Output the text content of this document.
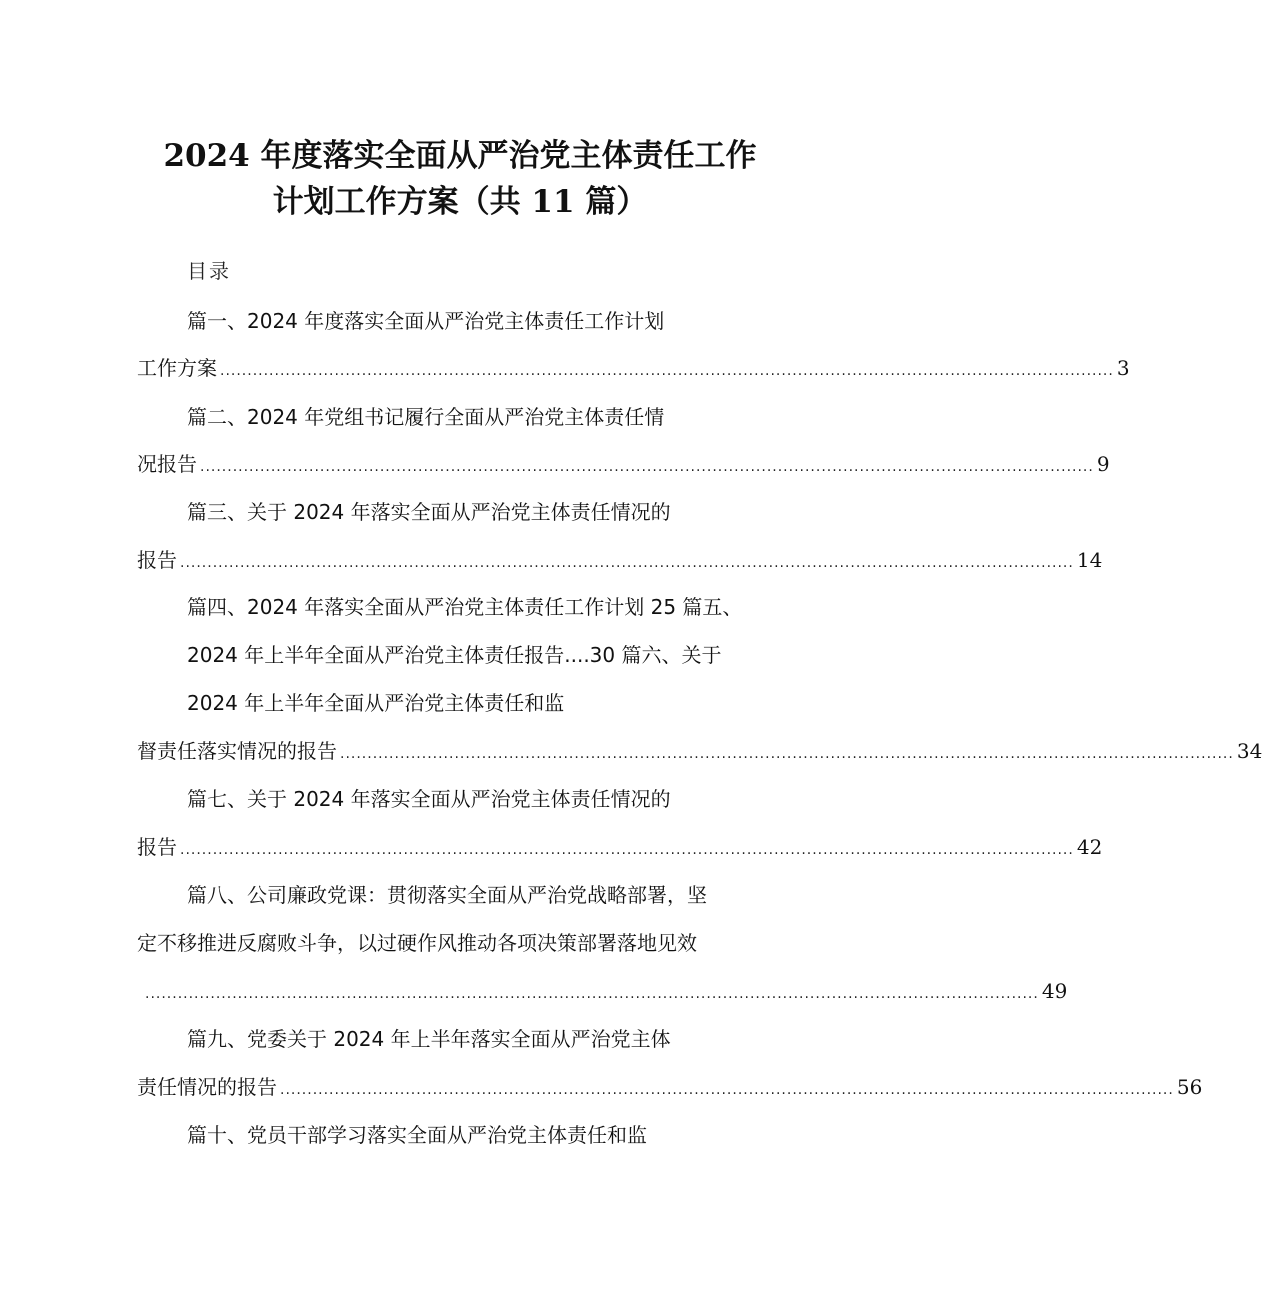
2024 年度落实全面从严治党主体责任工作
计划工作方案（共 11 篇）
目录
篇一、2024 年度落实全面从严治党主体责任工作计划
工作方案 .................................................................................................................................................................... 3
篇二、2024 年党组书记履行全面从严治党主体责任情
况报告 .................................................................................................................................................................... 9
篇三、关于 2024 年落实全面从严治党主体责任情况的
报告 .................................................................................................................................................................... 14
篇四、2024 年落实全面从严治党主体责任工作计划 25 篇五、
2024 年上半年全面从严治党主体责任报告....30 篇六、关于
2024 年上半年全面从严治党主体责任和监
督责任落实情况的报告 .................................................................................................................................................................... 34
篇七、关于 2024 年落实全面从严治党主体责任情况的
报告 .................................................................................................................................................................... 42
篇八、公司廉政党课：贯彻落实全面从严治党战略部署，坚
定不移推进反腐败斗争，以过硬作风推动各项决策部署落地见效
.................................................................................................................................................................... 49
篇九、党委关于 2024 年上半年落实全面从严治党主体
责任情况的报告 .................................................................................................................................................................... 56
篇十、党员干部学习落实全面从严治党主体责任和监
